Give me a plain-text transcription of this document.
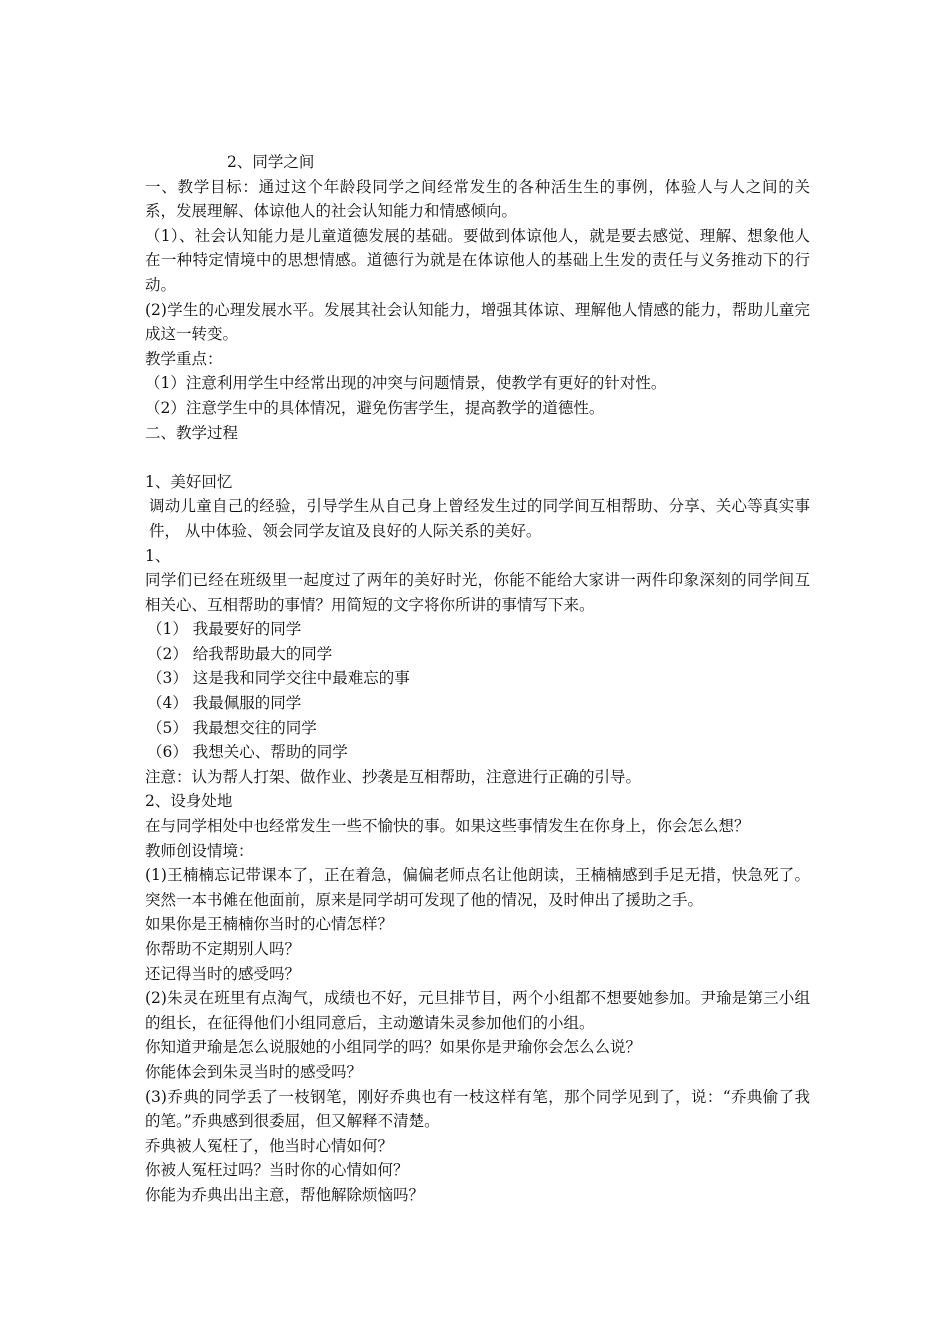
2、同学之间

一、教学目标：通过这个年龄段同学之间经常发生的各种活生生的事例，体验人与人之间的关系，发展理解、体谅他人的社会认知能力和情感倾向。

（1）、社会认知能力是儿童道德发展的基础。要做到体谅他人，就是要去感觉、理解、想象他人在一种特定情境中的思想情感。道德行为就是在体谅他人的基础上生发的责任与义务推动下的行动。

(2)学生的心理发展水平。发展其社会认知能力，增强其体谅、理解他人情感的能力，帮助儿童完成这一转变。

教学重点：

（1）注意利用学生中经常出现的冲突与问题情景，使教学有更好的针对性。

（2）注意学生中的具体情况，避免伤害学生，提高教学的道德性。

二、教学过程

1、美好回忆

调动儿童自己的经验，引导学生从自己身上曾经发生过的同学间互相帮助、分享、关心等真实事件， 从中体验、领会同学友谊及良好的人际关系的美好。

1、

同学们已经在班级里一起度过了两年的美好时光，你能不能给大家讲一两件印象深刻的同学间互相关心、互相帮助的事情？用简短的文字将你所讲的事情写下来。

（1） 我最要好的同学

（2） 给我帮助最大的同学

（3） 这是我和同学交往中最难忘的事

（4） 我最佩服的同学

（5） 我最想交往的同学

（6） 我想关心、帮助的同学

注意：认为帮人打架、做作业、抄袭是互相帮助，注意进行正确的引导。

2、设身处地

在与同学相处中也经常发生一些不愉快的事。如果这些事情发生在你身上，你会怎么想？

教师创设情境：

(1)王楠楠忘记带课本了，正在着急，偏偏老师点名让他朗读，王楠楠感到手足无措，快急死了。突然一本书傩在他面前，原来是同学胡可发现了他的情况，及时伸出了援助之手。

如果你是王楠楠你当时的心情怎样？

你帮助不定期别人吗？

还记得当时的感受吗？

(2)朱灵在班里有点淘气，成绩也不好，元旦排节目，两个小组都不想要她参加。尹瑜是第三小组的组长，在征得他们小组同意后，主动邀请朱灵参加他们的小组。

你知道尹瑜是怎么说服她的小组同学的吗？如果你是尹瑜你会怎么么说？

你能体会到朱灵当时的感受吗？

(3)乔典的同学丢了一枝钢笔，刚好乔典也有一枝这样有笔，那个同学见到了，说：“乔典偷了我的笔。”乔典感到很委屈，但又解释不清楚。

乔典被人冤枉了，他当时心情如何？

你被人冤枉过吗？当时你的心情如何？

你能为乔典出出主意，帮他解除烦恼吗？
